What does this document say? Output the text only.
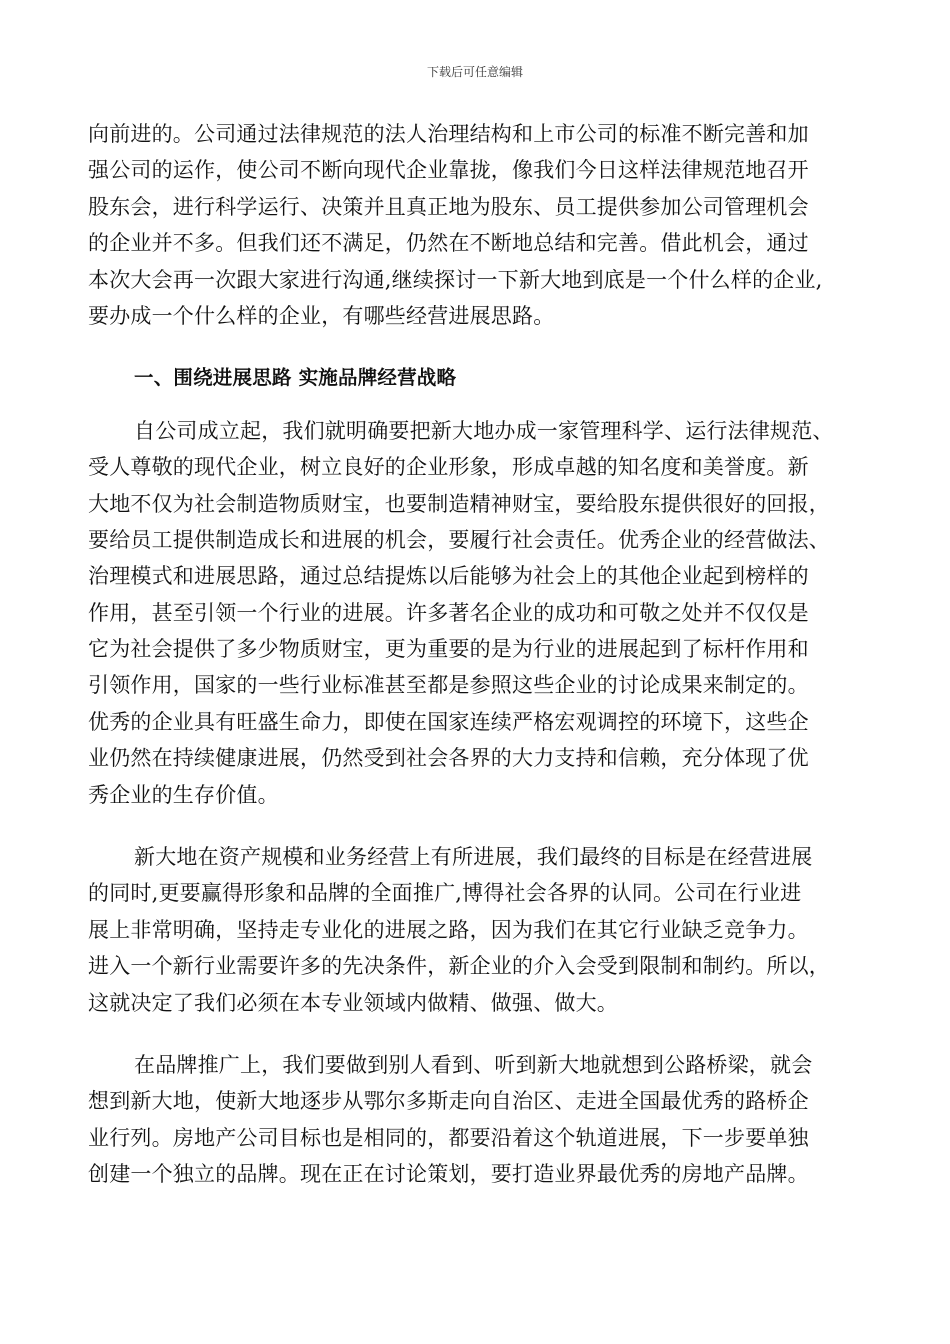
下载后可任意编辑
向前进的。公司通过法律规范的法人治理结构和上市公司的标准不断完善和加
强公司的运作，使公司不断向现代企业靠拢，像我们今日这样法律规范地召开
股东会，进行科学运行、决策并且真正地为股东、员工提供参加公司管理机会
的企业并不多。但我们还不满足，仍然在不断地总结和完善。借此机会，通过
本次大会再一次跟大家进行沟通,继续探讨一下新大地到底是一个什么样的企业,
要办成一个什么样的企业，有哪些经营进展思路。
一、围绕进展思路 实施品牌经营战略
自公司成立起，我们就明确要把新大地办成一家管理科学、运行法律规范、
受人尊敬的现代企业，树立良好的企业形象，形成卓越的知名度和美誉度。新
大地不仅为社会制造物质财宝，也要制造精神财宝，要给股东提供很好的回报，
要给员工提供制造成长和进展的机会，要履行社会责任。优秀企业的经营做法、
治理模式和进展思路，通过总结提炼以后能够为社会上的其他企业起到榜样的
作用，甚至引领一个行业的进展。许多著名企业的成功和可敬之处并不仅仅是
它为社会提供了多少物质财宝，更为重要的是为行业的进展起到了标杆作用和
引领作用，国家的一些行业标准甚至都是参照这些企业的讨论成果来制定的。
优秀的企业具有旺盛生命力，即使在国家连续严格宏观调控的环境下，这些企
业仍然在持续健康进展，仍然受到社会各界的大力支持和信赖，充分体现了优
秀企业的生存价值。
新大地在资产规模和业务经营上有所进展，我们最终的目标是在经营进展
的同时,更要赢得形象和品牌的全面推广,博得社会各界的认同。公司在行业进
展上非常明确，坚持走专业化的进展之路，因为我们在其它行业缺乏竞争力。
进入一个新行业需要许多的先决条件，新企业的介入会受到限制和制约。所以，
这就决定了我们必须在本专业领域内做精、做强、做大。
在品牌推广上，我们要做到别人看到、听到新大地就想到公路桥梁，就会
想到新大地，使新大地逐步从鄂尔多斯走向自治区、走进全国最优秀的路桥企
业行列。房地产公司目标也是相同的，都要沿着这个轨道进展，下一步要单独
创建一个独立的品牌。现在正在讨论策划，要打造业界最优秀的房地产品牌。
